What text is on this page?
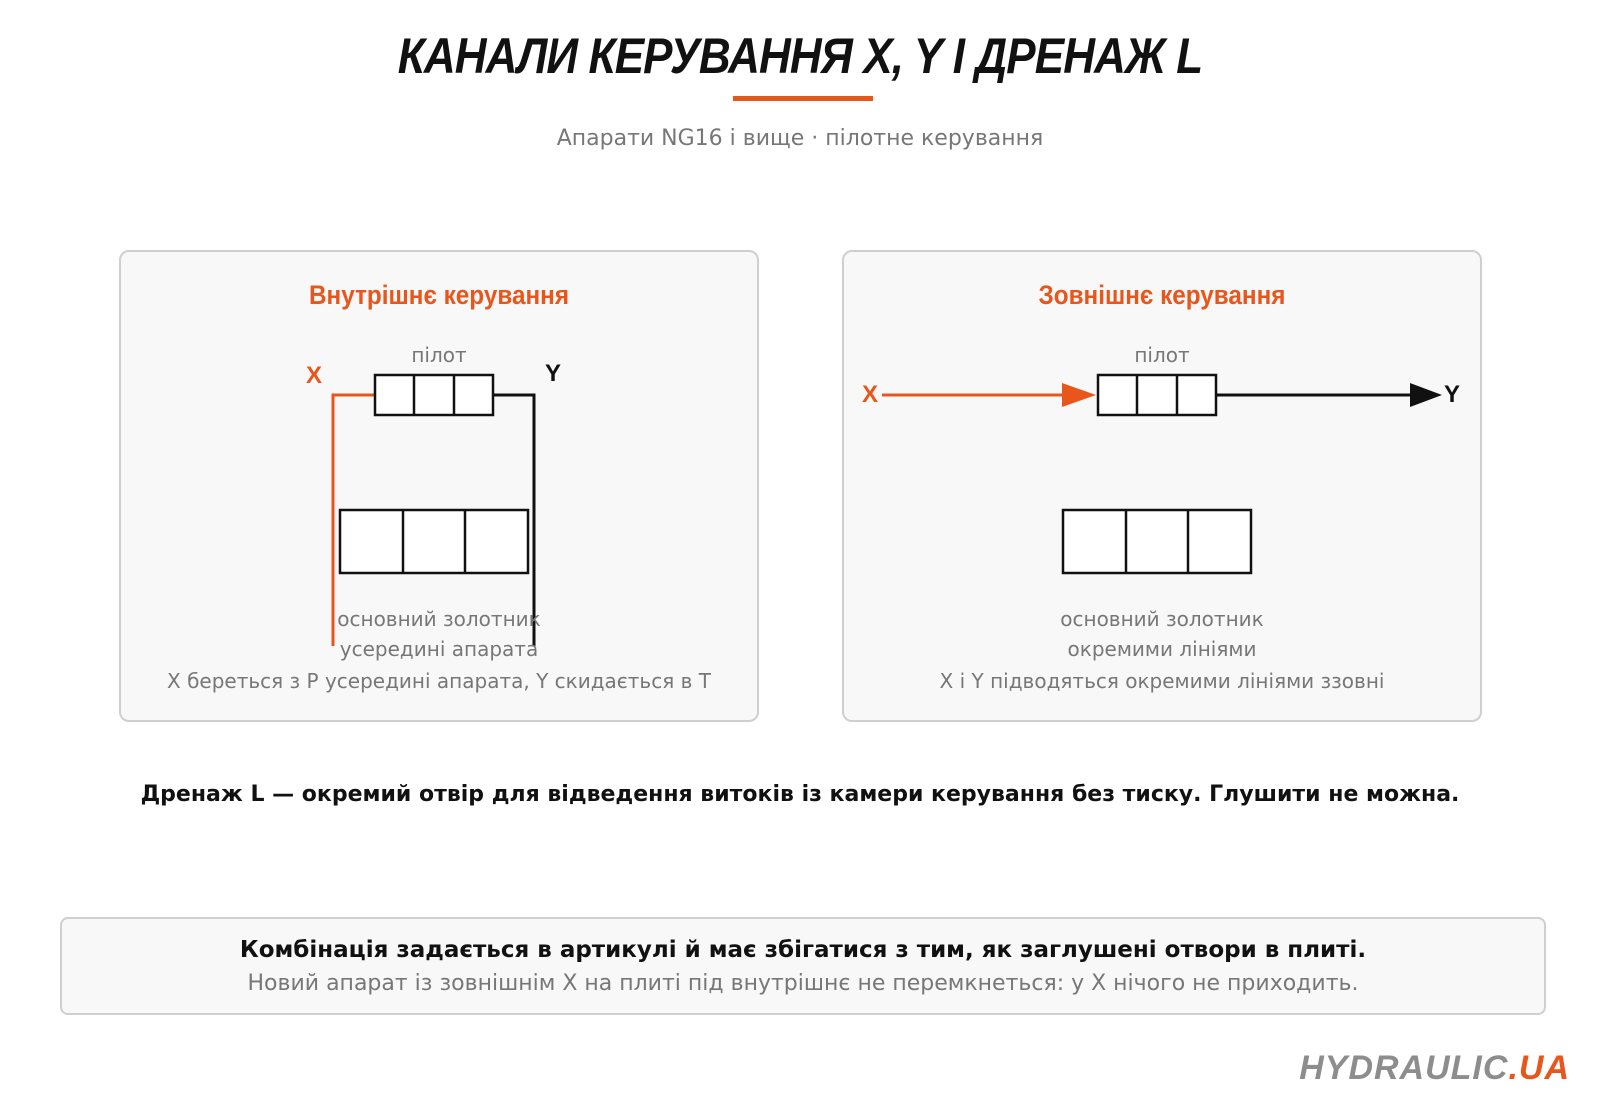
КАНАЛИ КЕРУВАННЯ X, Y І ДРЕНАЖ L
Апарати NG16 і вище · пілотне керування
Внутрішнє керування
пілот
X	Y
основний золотник
усередині апарата
X береться з P усередині апарата, Y скидається в T
Зовнішнє керування
пілот
X	Y
основний золотник
окремими лініями
X і Y підводяться окремими лініями ззовні
Дренаж L — окремий отвір для відведення витоків із камери керування без тиску. Глушити не можна.
Комбінація задається в артикулі й має збігатися з тим, як заглушені отвори в плиті.
Новий апарат із зовнішнім X на плиті під внутрішнє не перемкнеться: у X нічого не приходить.
HYDRAULIC.UA
